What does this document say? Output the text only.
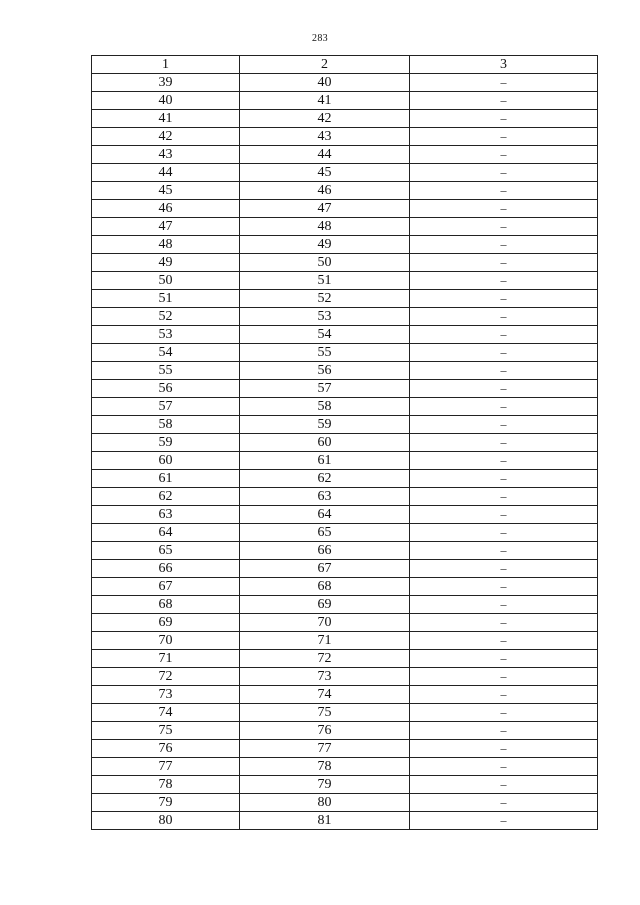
283
1	2	3
39	40	–
40	41	–
41	42	–
42	43	–
43	44	–
44	45	–
45	46	–
46	47	–
47	48	–
48	49	–
49	50	–
50	51	–
51	52	–
52	53	–
53	54	–
54	55	–
55	56	–
56	57	–
57	58	–
58	59	–
59	60	–
60	61	–
61	62	–
62	63	–
63	64	–
64	65	–
65	66	–
66	67	–
67	68	–
68	69	–
69	70	–
70	71	–
71	72	–
72	73	–
73	74	–
74	75	–
75	76	–
76	77	–
77	78	–
78	79	–
79	80	–
80	81	–
